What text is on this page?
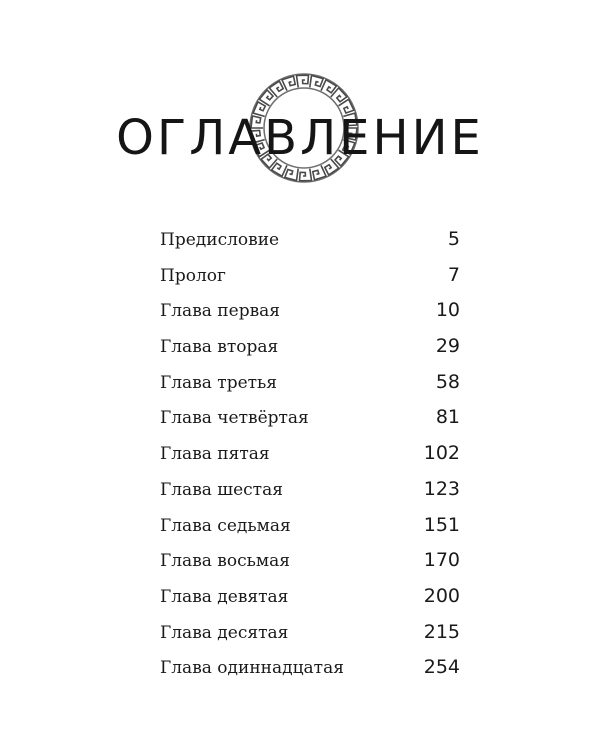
ОГЛАВЛЕНИЕ
Предисловие	5
Пролог	7
Глава первая	10
Глава вторая	29
Глава третья	58
Глава четвёртая	81
Глава пятая	102
Глава шестая	123
Глава седьмая	151
Глава восьмая	170
Глава девятая	200
Глава десятая	215
Глава одиннадцатая	254
